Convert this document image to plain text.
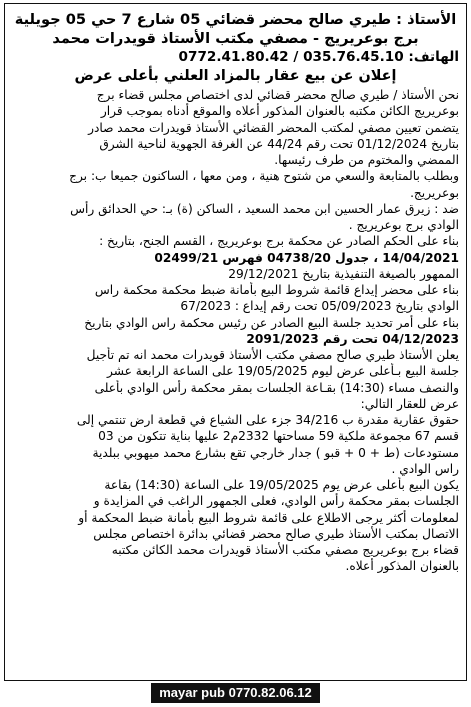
الأستاذ : طيري صالح محضر قضائي 05 شارع 7 حي 05 جويلية
برج بوعريريج - مصفي مكتب الأستاذ قويدرات محمد
الهاتف: 035.76.45.10 / 0772.41.80.42
إعلان عن بيع عقار بالمزاد العلني بأعلى عرض
نحن الأستاذ / طيري صالح محضر قضائي لدى اختصاص مجلس قضاء برج
بوعريريج الكائن مكتبه بالعنوان المذكور أعلاه والموقع أدناه بموجب قرار
يتضمن تعيين مصفي لمكتب المحضر القضائي الأستاذ قويدرات محمد صادر
بتاريخ 01/12/2024 تحت رقم 44/24 عن الغرفة الجهوية لناحية الشرق
الممضي والمختوم من طرف رئيسها.
وبطلب بالمتابعة والسعي من شتوح هنية ، ومن معها ، الساكنون جميعا ب: برج
بوعريريج.
ضد : زيرق عمار الحسين ابن محمد السعيد ، الساكن (ة) بـ: حي الحدائق رأس
الوادي برج بوعريريج .
بناء على الحكم الصادر عن محكمة برج بوعريريج ، القسم الجنح، بتاريخ :
14/04/2021 ، جدول 04738/20 فهرس 02499/21
الممهور بالصيغة التنفيذية بتاريخ 29/12/2021
بناء على محضر إيداع قائمة شروط البيع بأمانة ضبط محكمة محكمة راس
الوادي بتاريخ 05/09/2023 تحت رقم إيداع : 67/2023
بناء على أمر تحديد جلسة البيع الصادر عن رئيس محكمة راس الوادي بتاريخ
04/12/2023 تحت رقم 2091/2023
يعلن الأستاذ طيري صالح مصفي مكتب الأستاذ قويدرات محمد انه تم تأجيل
جلسة البيع بـأعلى عرض ليوم 19/05/2025 على الساعة الرابعة عشر
والنصف مساء (14:30) بقـاعة الجلسات بمقر محكمة رأس الوادي بأعلى
عرض للعقار التالي:
حقوق عقارية مقدرة ب 34/216 جزء على الشياع في قطعة ارض تنتمي إلى
قسم 67 مجموعة ملكية 59 مساحتها 2332م2 عليها بناية تتكون من 03
مستودعات (ط + 0 + قبو ) جدار خارجي تقع بشارع محمد ميهوبي ببلدية
راس الوادي .
يكون البيع بأعلى عرض يوم 19/05/2025 على الساعة (14:30) بقاعة
الجلسات بمقر محكمة رأس الوادي، فعلى الجمهور الراغب في المزايدة و
لمعلومات أكثر يرجى الاطلاع على قائمة شروط البيع بأمانة ضبط المحكمة أو
الاتصال بمكتب الأستاذ طيري صالح محضر قضائي بدائرة اختصاص مجلس
قضاء برج بوعريريج مصفي مكتب الأستاذ قويدرات محمد الكائن مكتبه
بالعنوان المذكور أعلاه.
mayar pub 0770.82.06.12
